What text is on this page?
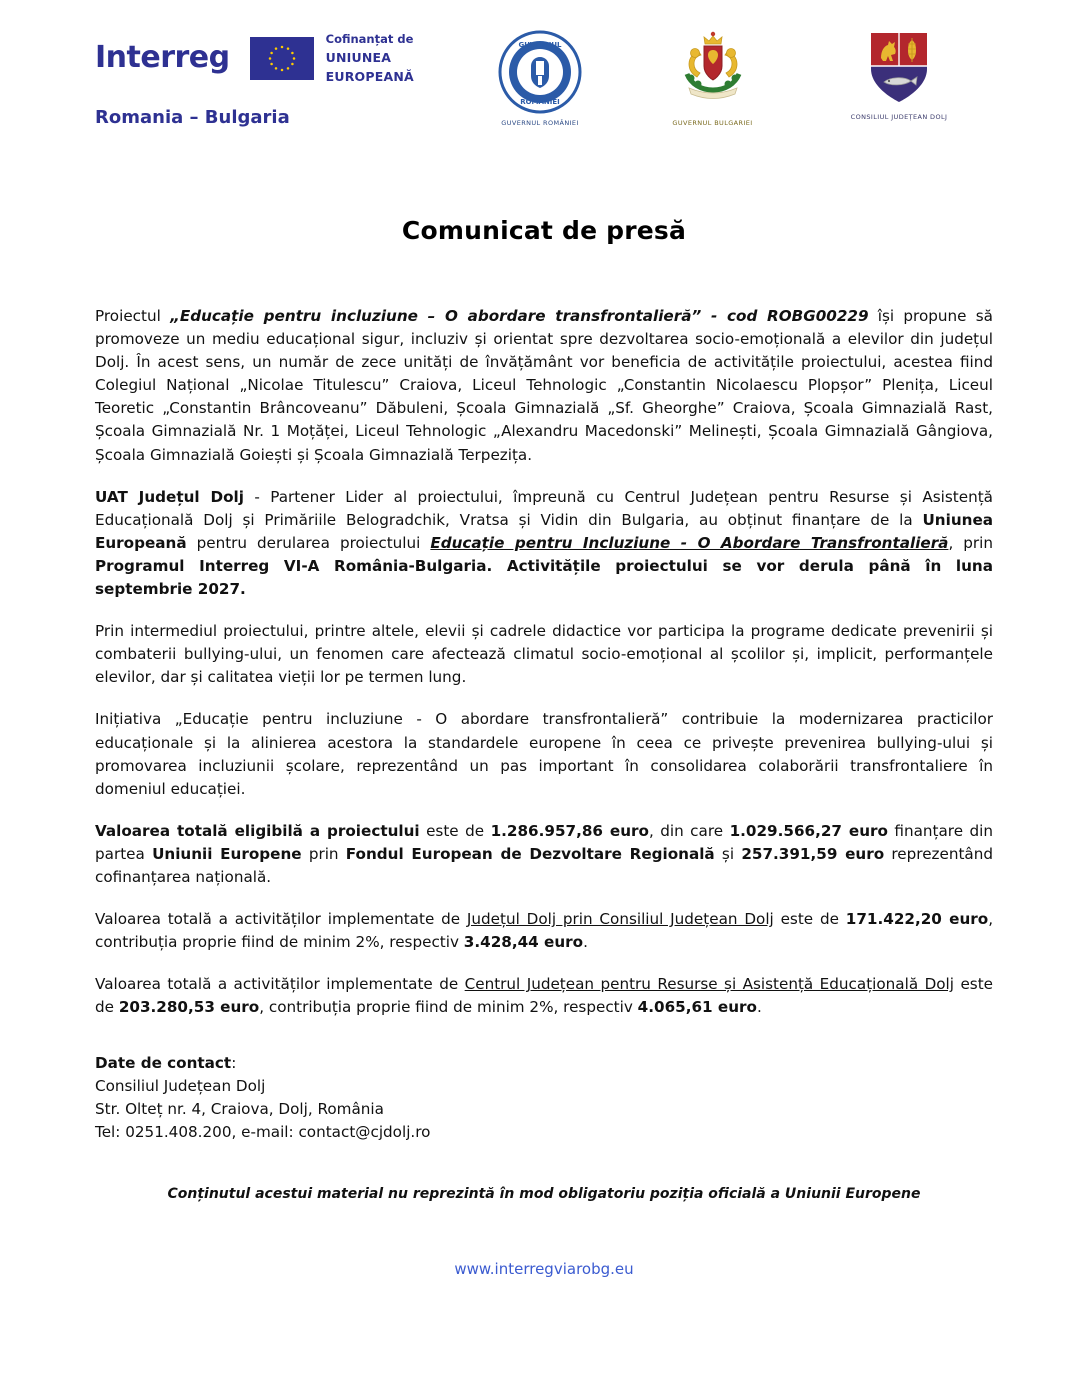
Interreg
Cofinanțat de
UNIUNEA EUROPEANĂ
Romania – Bulgaria
GUVERNUL
ROMÂNIEI
GUVERNUL ROMÂNIEI	GUVERNUL BULGARIEI
CONSILIUL JUDEȚEAN DOLJ
Comunicat de presă

Proiectul „Educație pentru incluziune – O abordare transfrontalieră” - cod ROBG00229 își propune să promoveze un mediu educațional sigur, incluziv și orientat spre dezvoltarea socio-emoțională a elevilor din județul Dolj. În acest sens, un număr de zece unități de învățământ vor beneficia de activitățile proiectului, acestea fiind Colegiul Național „Nicolae Titulescu” Craiova, Liceul Tehnologic „Constantin Nicolaescu Plopșor” Plenița, Liceul Teoretic „Constantin Brâncoveanu” Dăbuleni, Școala Gimnazială „Sf. Gheorghe” Craiova, Școala Gimnazială Rast, Școala Gimnazială Nr. 1 Moțăței, Liceul Tehnologic „Alexandru Macedonski” Melinești, Școala Gimnazială Gângiova, Școala Gimnazială Goiești și Școala Gimnazială Terpezița.

UAT Județul Dolj - Partener Lider al proiectului, împreună cu Centrul Județean pentru Resurse și Asistență Educațională Dolj și Primăriile Belogradchik, Vratsa și Vidin din Bulgaria, au obținut finanțare de la Uniunea Europeană pentru derularea proiectului Educație pentru Incluziune - O Abordare Transfrontalieră, prin Programul Interreg VI-A România-Bulgaria. Activitățile proiectului se vor derula până în luna septembrie 2027.

Prin intermediul proiectului, printre altele, elevii și cadrele didactice vor participa la programe dedicate prevenirii și combaterii bullying-ului, un fenomen care afectează climatul socio-emoțional al școlilor și, implicit, performanțele elevilor, dar și calitatea vieții lor pe termen lung.

Inițiativa „Educație pentru incluziune - O abordare transfrontalieră” contribuie la modernizarea practicilor educaționale și la alinierea acestora la standardele europene în ceea ce privește prevenirea bullying-ului și promovarea incluziunii școlare, reprezentând un pas important în consolidarea colaborării transfrontaliere în domeniul educației.

Valoarea totală eligibilă a proiectului este de 1.286.957,86 euro, din care 1.029.566,27 euro finanțare din partea Uniunii Europene prin Fondul European de Dezvoltare Regională și 257.391,59 euro reprezentând cofinanțarea națională.

Valoarea totală a activităților implementate de Județul Dolj prin Consiliul Județean Dolj este de 171.422,20 euro, contribuția proprie fiind de minim 2%, respectiv 3.428,44 euro.

Valoarea totală a activităților implementate de Centrul Județean pentru Resurse și Asistență Educațională Dolj este de 203.280,53 euro, contribuția proprie fiind de minim 2%, respectiv 4.065,61 euro.

Date de contact:
Consiliul Județean Dolj
Str. Olteț nr. 4, Craiova, Dolj, România
Tel: 0251.408.200, e-mail: contact@cjdolj.ro

Conținutul acestui material nu reprezintă în mod obligatoriu poziția oficială a Uniunii Europene

www.interregviarobg.eu
